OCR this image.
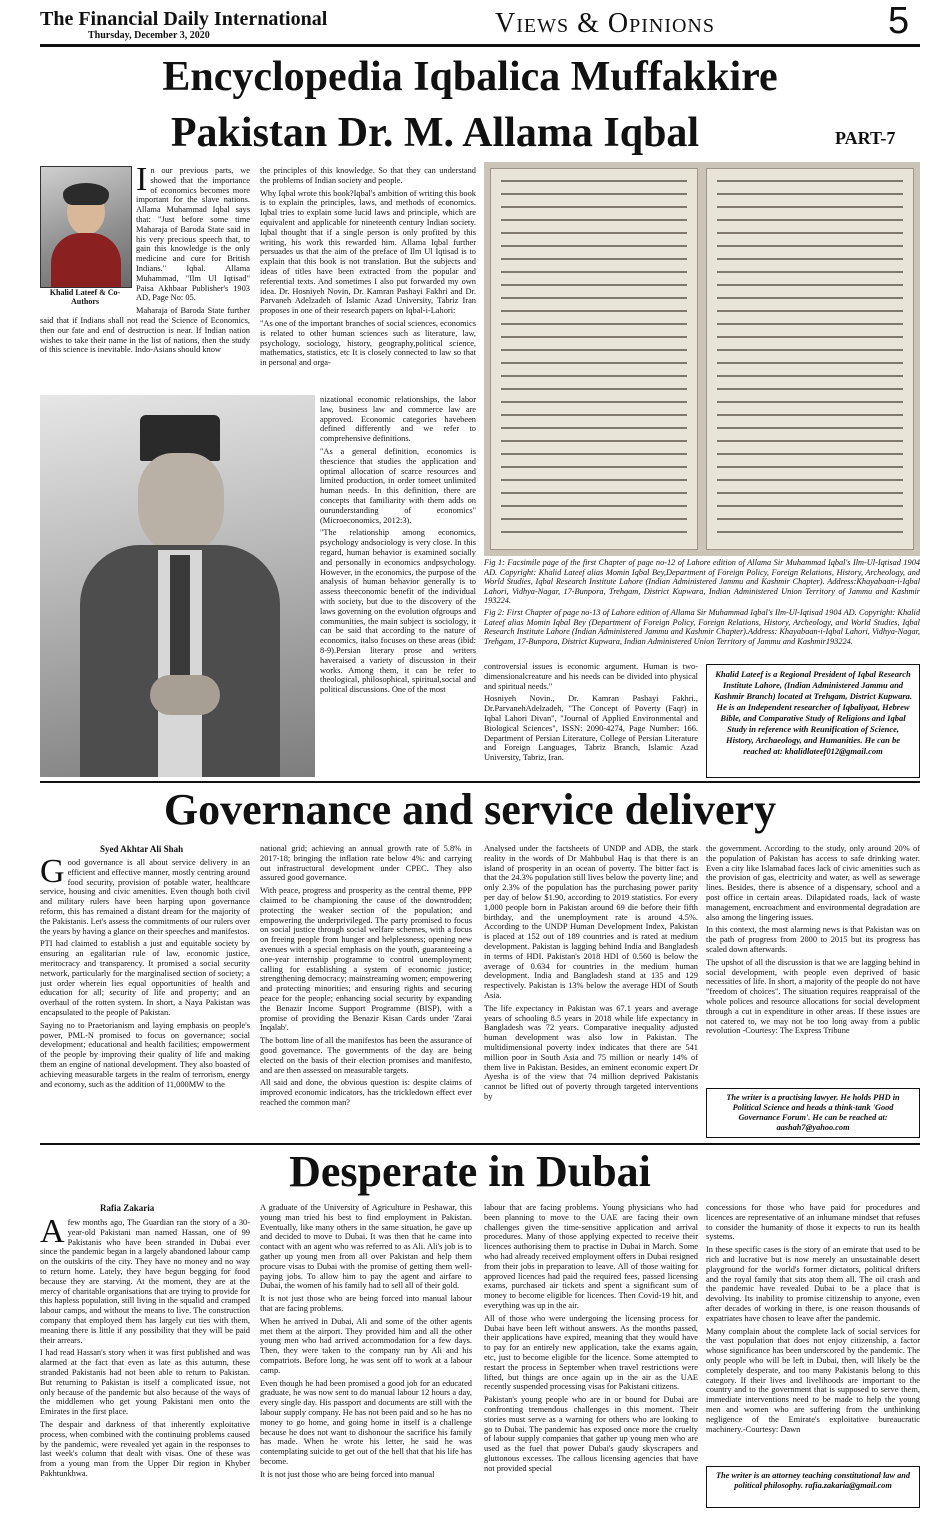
The Financial Daily International
Thursday, December 3, 2020	Views & Opinions	5
Encyclopedia Iqbalica Muffakkire
Pakistan Dr. M. Allama Iqbal	PART-7
Khalid Lateef & Co-Authors

In our previous parts, we showed that the importance of economics becomes more important for the slave nations. Allama Muhammad Iqbal says that: "Just before some time Maharaja of Baroda State said in his very precious speech that, to gain this knowledge is the only medicine and cure for British Indians." Iqbal. Allama Muhammad, "Ilm Ul Iqtisad" Paisa Akhbaar Publisher's 1903 AD, Page No: 05.

Maharaja of Baroda State further said that if Indians shall not read the Science of Economics, then our fate and end of destruction is near. If Indian nation wishes to take their name in the list of nations, then the study of this science is inevitable. Indo-Asians should know

the principles of this knowledge. So that they can understand the problems of Indian society and people.

Why Iqbal wrote this book?Iqbal's ambition of writing this book is to explain the principles, laws, and methods of economics. Iqbal tries to explain some lucid laws and principle, which are equivalent and applicable for nineteenth century Indian society. Iqbal thought that if a single person is only profited by this writing, his work this rewarded him. Allama Iqbal further persuades us that the aim of the preface of Ilm Ul Iqtisad is to explain that this book is not translation. But the subjects and ideas of titles have been extracted from the popular and referential texts. And sometimes I also put forwarded my own idea. Dr. Hosniyeh Novin, Dr. Kamran Pashayi Fakhri and Dr. Parvaneh Adelzadeh of Islamic Azad University, Tabriz Iran proposes in one of their research papers on Iqbal-i-Lahori:

"As one of the important branches of social sciences, economics is related to other human sciences such as literature, law, psychology, sociology, history, geography,political science, mathematics, statistics, etc It is closely connected to law so that in personal and orga-

nizational economic relationships, the labor law, business law and commerce law are approved. Economic categories havebeen defined differently and we refer to comprehensive definitions.

"As a general definition, economics is thescience that studies the application and optimal allocation of scarce resources and limited production, in order tomeet unlimited human needs. In this definition, there are concepts that familiarity with them adds on ourunderstanding of economics" (Microeconomics, 2012:3).

"The relationship among economics, psychology andsociology is very close. In this regard, human behavior is examined socially and personally in economics andpsychology. However, in the economics, the purpose of the analysis of human behavior generally is to assess theeconomic benefit of the individual with society, but due to the discovery of the laws governing on the evolution ofgroups and communities, the main subject is sociology, it can be said that according to the nature of economics, italso focuses on these areas (ibid: 8-9).Persian literary prose and writers haveraised a variety of discussion in their works. Among them, it can be refer to theological, philosophical, spiritual,social and political discussions. One of the most

Fig 1: Facsimile page of the first Chapter of page no-12 of Lahore edition of Allama Sir Muhammad Iqbal's Ilm-Ul-Iqtisad 1904 AD. Copyright: Khalid Lateef alias Momin Iqbal Bey,Department of Foreign Policy, Foreign Relations, History, Archeology, and World Studies, Iqbal Research Institute Lahore (Indian Administered Jammu and Kashmir Chapter). Address:Khayabaan-i-Iqbal Lahori, Vidhya-Nagar, 17-Bunpora, Trehgam, District Kupwara, Indian Administered Union Territory of Jammu and Kashmir 193224.

Fig 2: First Chapter of page no-13 of Lahore edition of Allama Sir Muhammad Iqbal's Ilm-Ul-Iqtisad 1904 AD. Copyright: Khalid Lateef alias Momin Iqbal Bey (Department of Foreign Policy, Foreign Relations, History, Archeology, and World Studies, Iqbal Research Institute Lahore (Indian Administered Jammu and Kashmir Chapter).Address: Khayabaan-i-Iqbal Lahori, Vidhya-Nagar, Trehgam, 17-Bunpora, District Kupwara, Indian Administered Union Territory of Jammu and Kashmir193224.

controversial issues is economic argument. Human is two-dimensionalcreature and his needs can be divided into physical and spiritual needs."

Hosniyeh Novin., Dr. Kamran Pashayi Fakhri., Dr.ParvanehAdelzadeh, "The Concept of Poverty (Faqr) in Iqbal Lahori Divan", "Journal of Applied Environmental and Biological Sciences", ISSN: 2090-4274, Page Number: 166. Department of Persian Literature, College of Persian Literature and Foreign Languages, Tabriz Branch, Islamic Azad University, Tabriz, Iran.

Khalid Lateef is a Regional President of Iqbal Research Institute Lahore, (Indian Administered Jammu and Kashmir Branch) located at Trehgam, District Kupwara. He is an Independent researcher of Iqbaliyaat, Hebrew Bible, and Comparative Study of Religions and Iqbal Study in reference with Reunification of Science, History, Archaeology, and Humanities. He can be reached at: khalidlateef012@gmail.com
Governance and service delivery
Syed Akhtar Ali Shah

Good governance is all about service delivery in an efficient and effective manner, mostly centring around food security, provision of potable water, healthcare service, housing and civic amenities. Even though both civil and military rulers have been harping upon governance reform, this has remained a distant dream for the majority of the Pakistanis. Let's assess the commitments of our rulers over the years by having a glance on their speeches and manifestos.

PTI had claimed to establish a just and equitable society by ensuring an egalitarian rule of law, economic justice, meritocracy and transparency. It promised a social security network, particularly for the marginalised section of society; a just order wherein lies equal opportunities of health and education for all; security of life and property; and an overhaul of the rotten system. In short, a Naya Pakistan was encapsulated to the people of Pakistan.

Saying no to Praetorianism and laying emphasis on people's power, PML-N promised to focus on governance; social development; educational and health facilities; empowerment of the people by improving their quality of life and making them an engine of national development. They also boasted of achieving measurable targets in the realm of terrorism, energy and economy, such as the addition of 11,000MW to the

national grid; achieving an annual growth rate of 5.8% in 2017-18; bringing the inflation rate below 4%: and carrying out infrastructural development under CPEC. They also assured good governance.

With peace, progress and prosperity as the central theme, PPP claimed to be championing the cause of the downtrodden; protecting the weaker section of the population; and empowering the underprivileged. The party promised to focus on social justice through social welfare schemes, with a focus on freeing people from hunger and helplessness; opening new avenues with a special emphasis on the youth, guaranteeing a one-year internship programme to control unemployment; calling for establishing a system of economic justice; strengthening democracy; mainstreaming women; empowering and protecting minorities; and ensuring rights and securing peace for the people; enhancing social security by expanding the Benazir Income Support Programme (BISP), with a promise of providing the Benazir Kisan Cards under 'Zarai Inqalab'.

The bottom line of all the manifestos has been the assurance of good governance. The governments of the day are being elected on the basis of their election promises and manifesto, and are then assessed on measurable targets.

All said and done, the obvious question is: despite claims of improved economic indicators, has the trickledown effect ever reached the common man?

Analysed under the factsheets of UNDP and ADB, the stark reality in the words of Dr Mahbubul Haq is that there is an island of prosperity in an ocean of poverty. The bitter fact is that the 24.3% population still lives below the poverty line; and only 2.3% of the population has the purchasing power parity per day of below $1.90, according to 2019 statistics. For every 1,000 people born in Pakistan around 69 die before their fifth birthday, and the unemployment rate is around 4.5%. According to the UNDP Human Development Index, Pakistan is placed at 152 out of 189 countries and is rated at medium development. Pakistan is lagging behind India and Bangladesh in terms of HDI. Pakistan's 2018 HDI of 0.560 is below the average of 0.634 for countries in the medium human development. India and Bangladesh stand at 135 and 129 respectively. Pakistan is 13% below the average HDI of South Asia.

The life expectancy in Pakistan was 67.1 years and average years of schooling 8.5 years in 2018 while life expectancy in Bangladesh was 72 years. Comparative inequality adjusted human development was also low in Pakistan. The multidimensional poverty index indicates that there are 541 million poor in South Asia and 75 million or nearly 14% of them live in Pakistan. Besides, an eminent economic expert Dr Ayesha is of the view that 74 million deprived Pakistanis cannot be lifted out of poverty through targeted interventions by

the government. According to the study, only around 20% of the population of Pakistan has access to safe drinking water. Even a city like Islamabad faces lack of civic amenities such as the provision of gas, electricity and water, as well as sewerage lines. Besides, there is absence of a dispensary, school and a post office in certain areas. Dilapidated roads, lack of waste management, encroachment and environmental degradation are also among the lingering issues.

In this context, the most alarming news is that Pakistan was on the path of progress from 2000 to 2015 but its progress has scaled down afterwards.

The upshot of all the discussion is that we are lagging behind in social development, with people even deprived of basic necessities of life. In short, a majority of the people do not have "freedom of choices". The situation requires reappraisal of the whole polices and resource allocations for social development through a cut in expenditure in other areas. If these issues are not catered to, we may not be too long away from a public revolution -Courtesy: The Express Tribune

The writer is a practising lawyer. He holds PHD in Political Science and heads a think-tank 'Good Governance Forum'. He can be reached at: aashah7@yahoo.com
Desperate in Dubai
Rafia Zakaria

Afew months ago, The Guardian ran the story of a 30-year-old Pakistani man named Hassan, one of 99 Pakistanis who have been stranded in Dubai ever since the pandemic began in a largely abandoned labour camp on the outskirts of the city. They have no money and no way to return home. Lately, they have begun begging for food because they are starving. At the moment, they are at the mercy of charitable organisations that are trying to provide for this hapless population, still living in the squalid and cramped labour camps, and without the means to live. The construction company that employed them has largely cut ties with them, meaning there is little if any possibility that they will be paid their arrears.

I had read Hassan's story when it was first published and was alarmed at the fact that even as late as this autumn, these stranded Pakistanis had not been able to return to Pakistan. But returning to Pakistan is itself a complicated issue, not only because of the pandemic but also because of the ways of the middlemen who get young Pakistani men onto the Emirates in the first place.

The despair and darkness of that inherently exploitative process, when combined with the continuing problems caused by the pandemic, were revealed yet again in the responses to last week's column that dealt with visas. One of these was from a young man from the Upper Dir region in Khyber Pakhtunkhwa.

A graduate of the University of Agriculture in Peshawar, this young man tried his best to find employment in Pakistan. Eventually, like many others in the same situation, he gave up and decided to move to Dubai. It was then that he came into contact with an agent who was referred to as Ali. Ali's job is to gather up young men from all over Pakistan and help them procure visas to Dubai with the promise of getting them well-paying jobs. To allow him to pay the agent and airfare to Dubai, the women of his family had to sell all of their gold.

It is not just those who are being forced into manual labour that are facing problems.

When he arrived in Dubai, Ali and some of the other agents met them at the airport. They provided him and all the other young men who had arrived accommodation for a few days. Then, they were taken to the company run by Ali and his compatriots. Before long, he was sent off to work at a labour camp.

Even though he had been promised a good job for an educated graduate, he was now sent to do manual labour 12 hours a day, every single day. His passport and documents are still with the labour supply company. He has not been paid and so he has no money to go home, and going home in itself is a challenge because he does not want to dishonour the sacrifice his family has made. When he wrote his letter, he said he was contemplating suicide to get out of the hell that that his life has become.

It is not just those who are being forced into manual

labour that are facing problems. Young physicians who had been planning to move to the UAE are facing their own challenges given the time-sensitive application and arrival procedures. Many of those applying expected to receive their licences authorising them to practise in Dubai in March. Some who had already received employment offers in Dubai resigned from their jobs in preparation to leave. All of those waiting for approved licences had paid the required fees, passed licensing exams, purchased air tickets and spent a significant sum of money to become eligible for licences. Then Covid-19 hit, and everything was up in the air.

All of those who were undergoing the licensing process for Dubai have been left without answers. As the months passed, their applications have expired, meaning that they would have to pay for an entirely new application, take the exams again, etc, just to become eligible for the licence. Some attempted to restart the process in September when travel restrictions were lifted, but things are once again up in the air as the UAE recently suspended processing visas for Pakistani citizens.

Pakistan's young people who are in or bound for Dubai are confronting tremendous challenges in this moment. Their stories must serve as a warning for others who are looking to go to Dubai. The pandemic has exposed once more the cruelty of labour supply companies that gather up young men who are used as the fuel that power Dubai's gaudy skyscrapers and gluttonous excesses. The callous licensing agencies that have not provided special

concessions for those who have paid for procedures and licences are representative of an inhumane mindset that refuses to consider the humanity of those it expects to run its health systems.

In these specific cases is the story of an emirate that used to be rich and lucrative but is now merely an unsustainable desert playground for the world's former dictators, political drifters and the royal family that sits atop them all. The oil crash and the pandemic have revealed Dubai to be a place that is devolving. Its inability to promise citizenship to anyone, even after decades of working in there, is one reason thousands of expatriates have chosen to leave after the pandemic.

Many complain about the complete lack of social services for the vast population that does not enjoy citizenship, a factor whose significance has been underscored by the pandemic. The only people who will be left in Dubai, then, will likely be the completely desperate, and too many Pakistanis belong to this category. If their lives and livelihoods are important to the country and to the government that is supposed to serve them, immediate interventions need to be made to help the young men and women who are suffering from the unthinking negligence of the Emirate's exploitative bureaucratic machinery.-Courtesy: Dawn

The writer is an attorney teaching constitutional law and political philosophy. rafia.zakaria@gmail.com
